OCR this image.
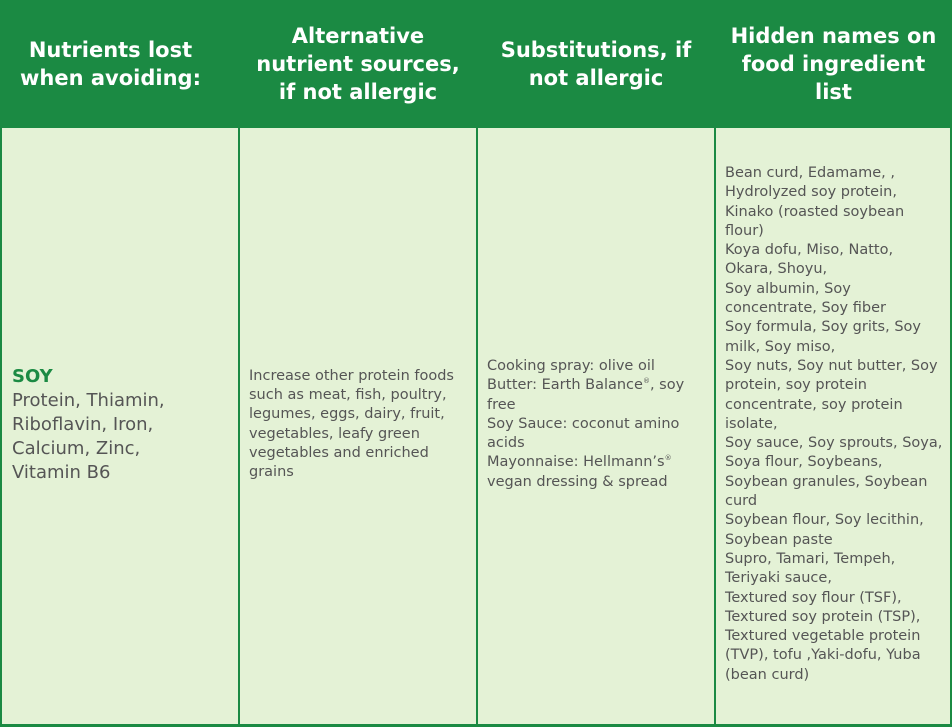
Nutrients lost when avoiding:
Alternative nutrient sources, if not allergic
Substitutions, if not allergic
Hidden names on food ingredient list
SOY
Protein, Thiamin,
Riboflavin, Iron,
Calcium, Zinc,
Vitamin B6
Increase other protein foods such as meat, fish, poultry, legumes, eggs, dairy, fruit, vegetables, leafy green vegetables and enriched grains
Cooking spray: olive oil
Butter: Earth Balance®, soy free
Soy Sauce: coconut amino acids
Mayonnaise: Hellmann’s® vegan dressing & spread
Bean curd, Edamame, , Hydrolyzed soy protein, Kinako (roasted soybean flour)
Koya dofu, Miso, Natto, Okara, Shoyu,
Soy albumin, Soy concentrate, Soy fiber
Soy formula, Soy grits, Soy milk, Soy miso,
Soy nuts, Soy nut butter, Soy protein, soy protein concentrate, soy protein isolate,
Soy sauce, Soy sprouts, Soya, Soya flour, Soybeans, Soybean granules, Soybean curd
Soybean flour, Soy lecithin, Soybean paste
Supro, Tamari, Tempeh, Teriyaki sauce,
Textured soy flour (TSF), Textured soy protein (TSP), Textured vegetable protein (TVP), tofu ,Yaki-dofu, Yuba (bean curd)
